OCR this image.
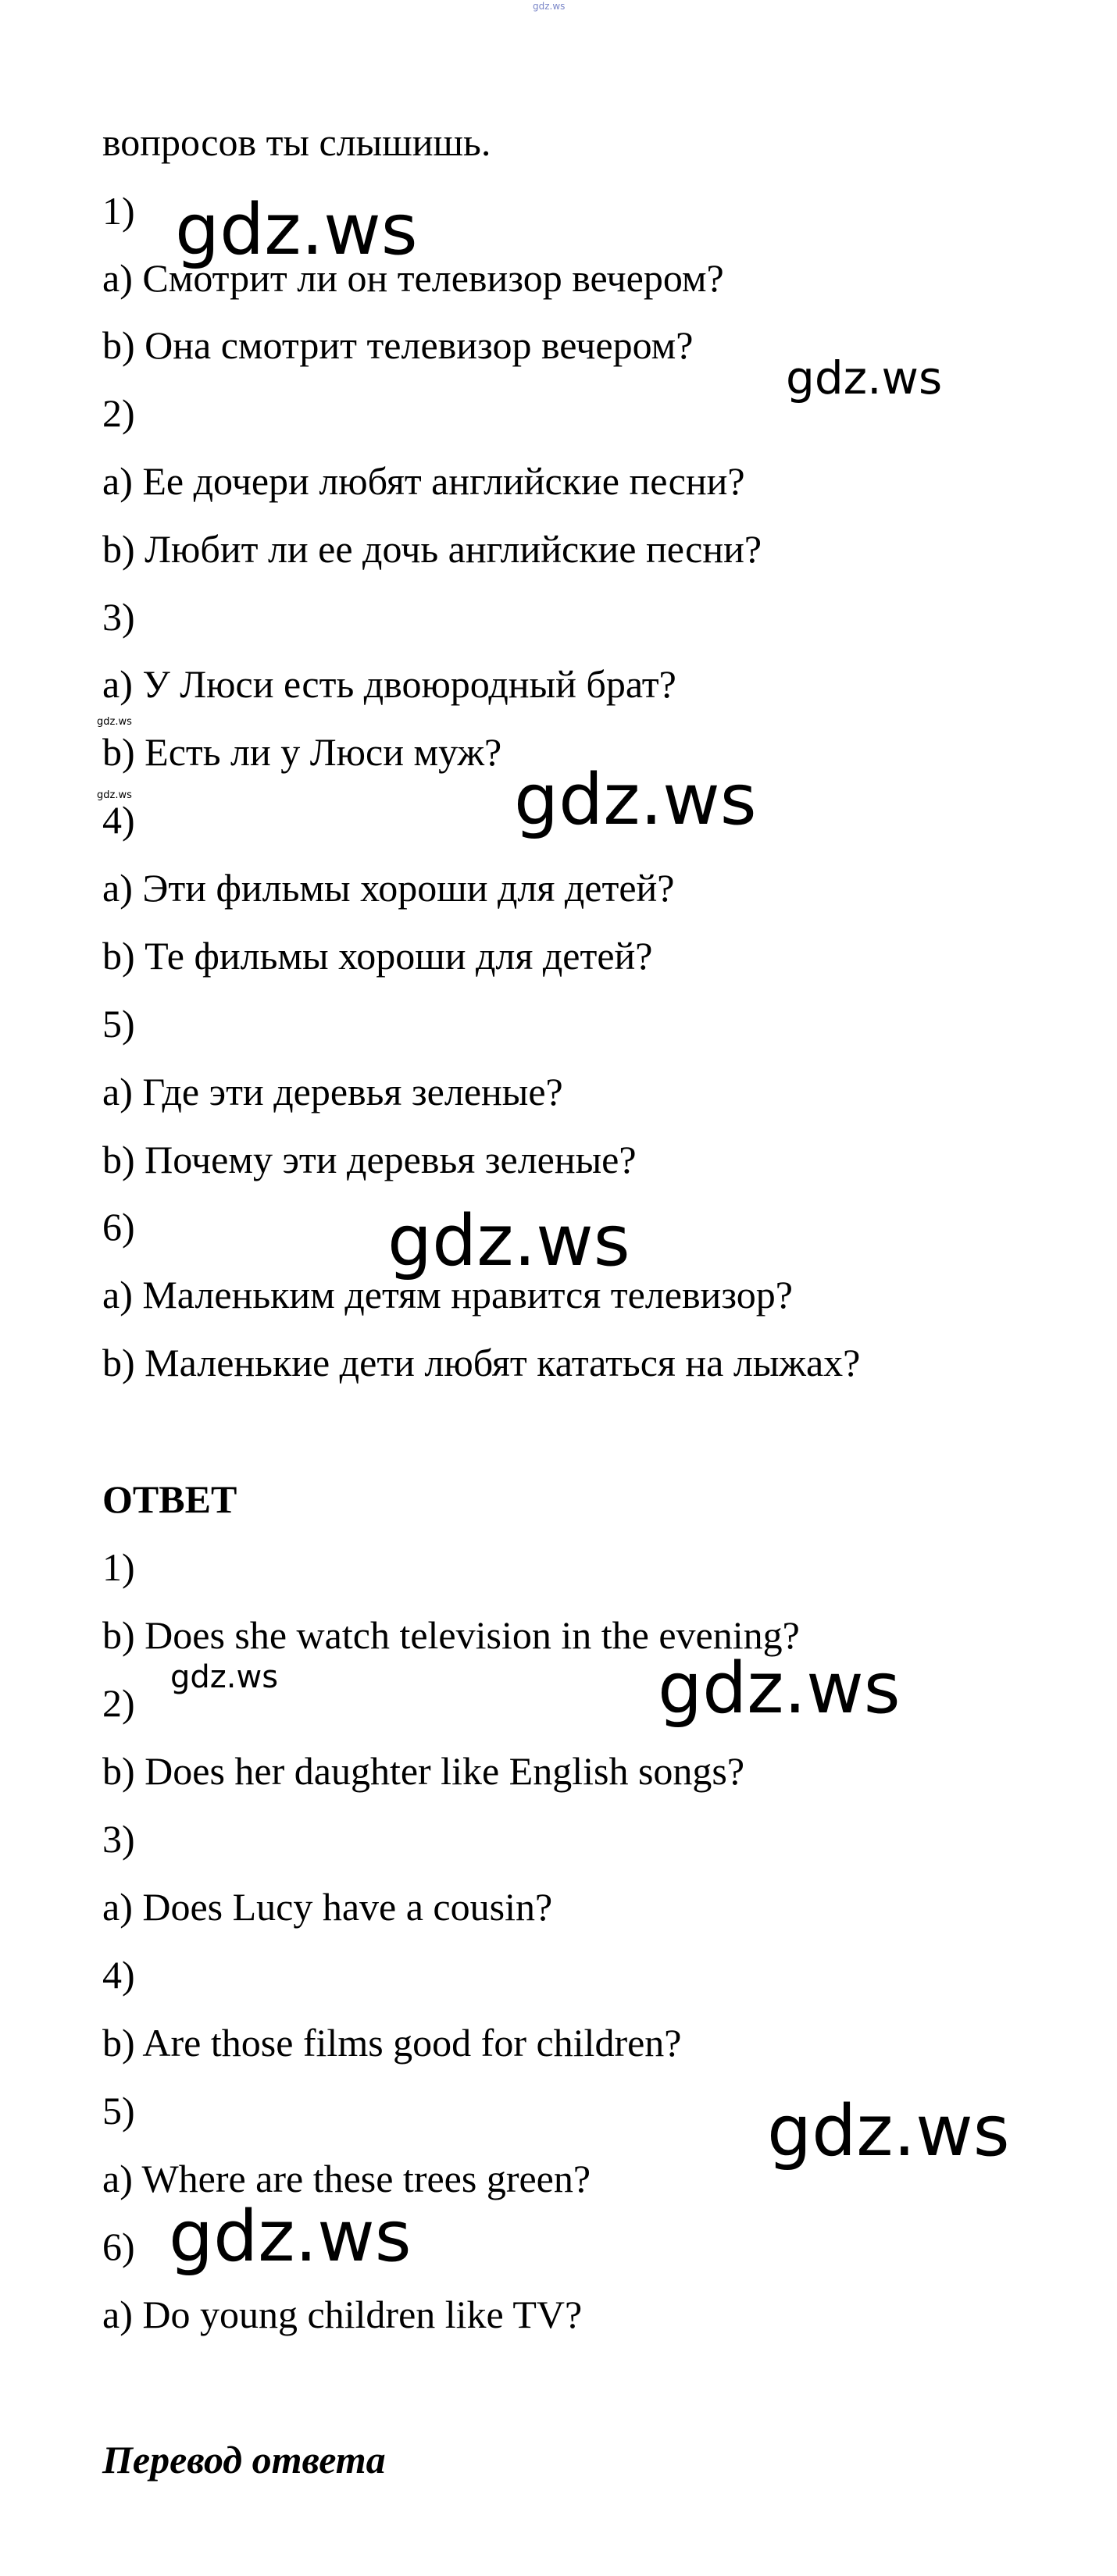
gdz.ws
вопросов ты слышишь.
1)
a) Смотрит ли он телевизор вечером?
b) Она смотрит телевизор вечером?
2)
a) Ее дочери любят английские песни?
b) Любит ли ее дочь английские песни?
3)
a) У Люси есть двоюродный брат?
b) Есть ли у Люси муж?
4)
a) Эти фильмы хороши для детей?
b) Те фильмы хороши для детей?
5)
a) Где эти деревья зеленые?
b) Почему эти деревья зеленые?
6)
a) Маленьким детям нравится телевизор?
b) Маленькие дети любят кататься на лыжах?
ОТВЕТ
1)
b) Does she watch television in the evening?
2)
b) Does her daughter like English songs?
3)
a) Does Lucy have a cousin?
4)
b) Are those films good for children?
5)
a) Where are these trees green?
6)
a) Do young children like TV?
Перевод ответа
gdz.ws
gdz.ws
gdz.ws
gdz.ws	gdz.ws
gdz.ws
gdz.ws	gdz.ws
gdz.ws
gdz.ws
